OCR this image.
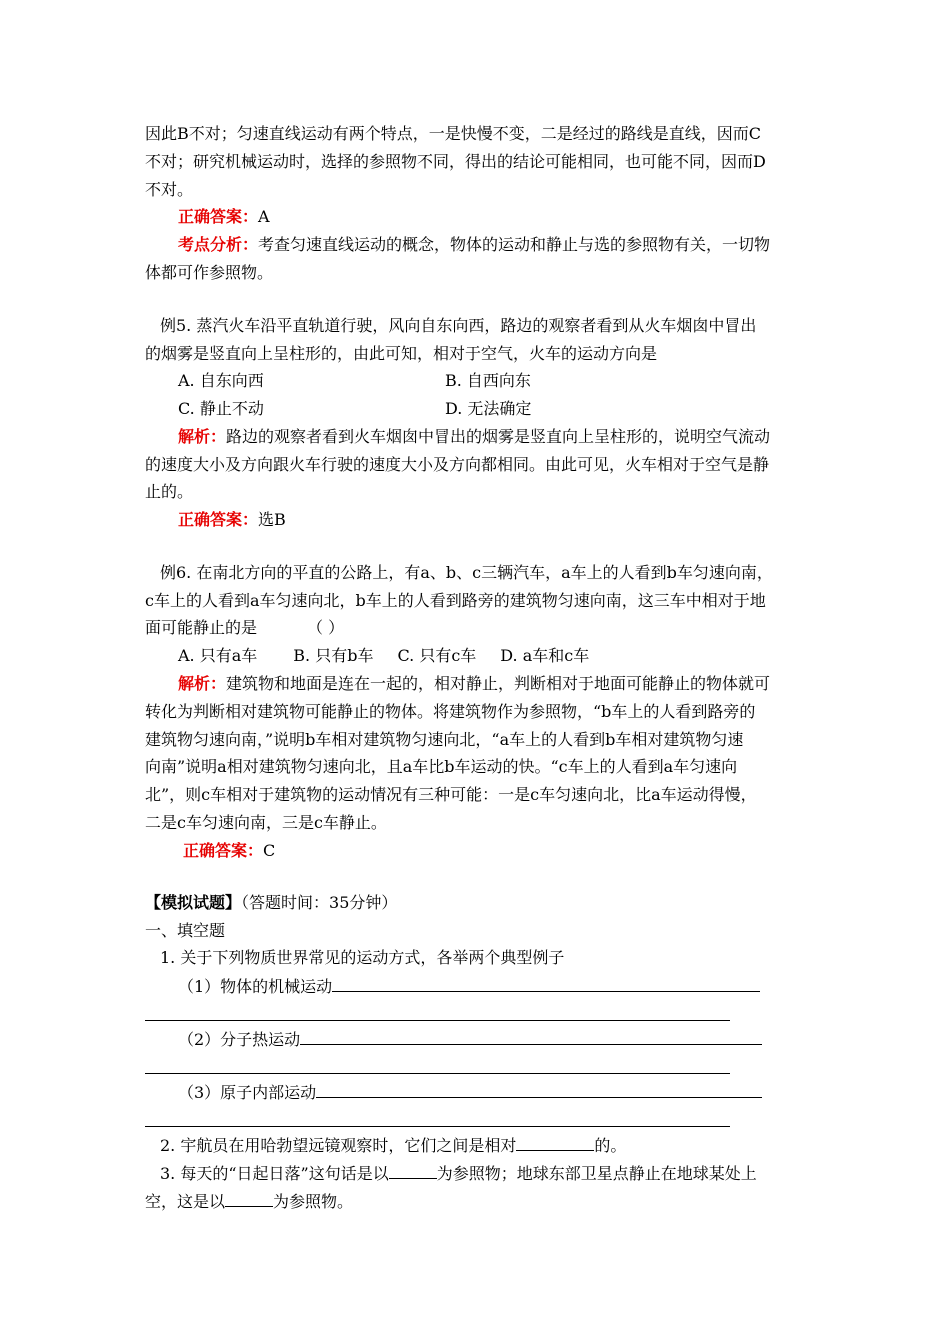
因此B不对；匀速直线运动有两个特点，一是快慢不变，二是经过的路线是直线，因而C
不对；研究机械运动时，选择的参照物不同，得出的结论可能相同，也可能不同，因而D
不对。
正确答案：A
考点分析：考查匀速直线运动的概念，物体的运动和静止与选的参照物有关，一切物
体都可作参照物。
例5. 蒸汽火车沿平直轨道行驶，风向自东向西，路边的观察者看到从火车烟囱中冒出
的烟雾是竖直向上呈柱形的，由此可知，相对于空气，火车的运动方向是
A. 自东向西	B. 自西向东
C. 静止不动	D. 无法确定
解析：路边的观察者看到火车烟囱中冒出的烟雾是竖直向上呈柱形的，说明空气流动
的速度大小及方向跟火车行驶的速度大小及方向都相同。由此可见，火车相对于空气是静
止的。
正确答案：选B
例6. 在南北方向的平直的公路上，有a、b、c三辆汽车，a车上的人看到b车匀速向南，
c车上的人看到a车匀速向北，b车上的人看到路旁的建筑物匀速向南，这三车中相对于地
面可能静止的是	（ ）
A. 只有a车 B. 只有b车 C. 只有c车 D. a车和c车
解析：建筑物和地面是连在一起的，相对静止，判断相对于地面可能静止的物体就可
转化为判断相对建筑物可能静止的物体。将建筑物作为参照物，“b车上的人看到路旁的
建筑物匀速向南，”说明b车相对建筑物匀速向北，“a车上的人看到b车相对建筑物匀速
向南”说明a相对建筑物匀速向北，且a车比b车运动的快。“c车上的人看到a车匀速向
北”，则c车相对于建筑物的运动情况有三种可能：一是c车匀速向北，比a车运动得慢，
二是c车匀速向南，三是c车静止。
正确答案：C
【模拟试题】（答题时间：35分钟）
一、填空题
1. 关于下列物质世界常见的运动方式，各举两个典型例子
（1）物体的机械运动
（2）分子热运动
（3）原子内部运动
2. 宇航员在用哈勃望远镜观察时，它们之间是相对	的。
3. 每天的“日起日落”这句话是以	为参照物；地球东部卫星点静止在地球某处上
空，这是以	为参照物。
